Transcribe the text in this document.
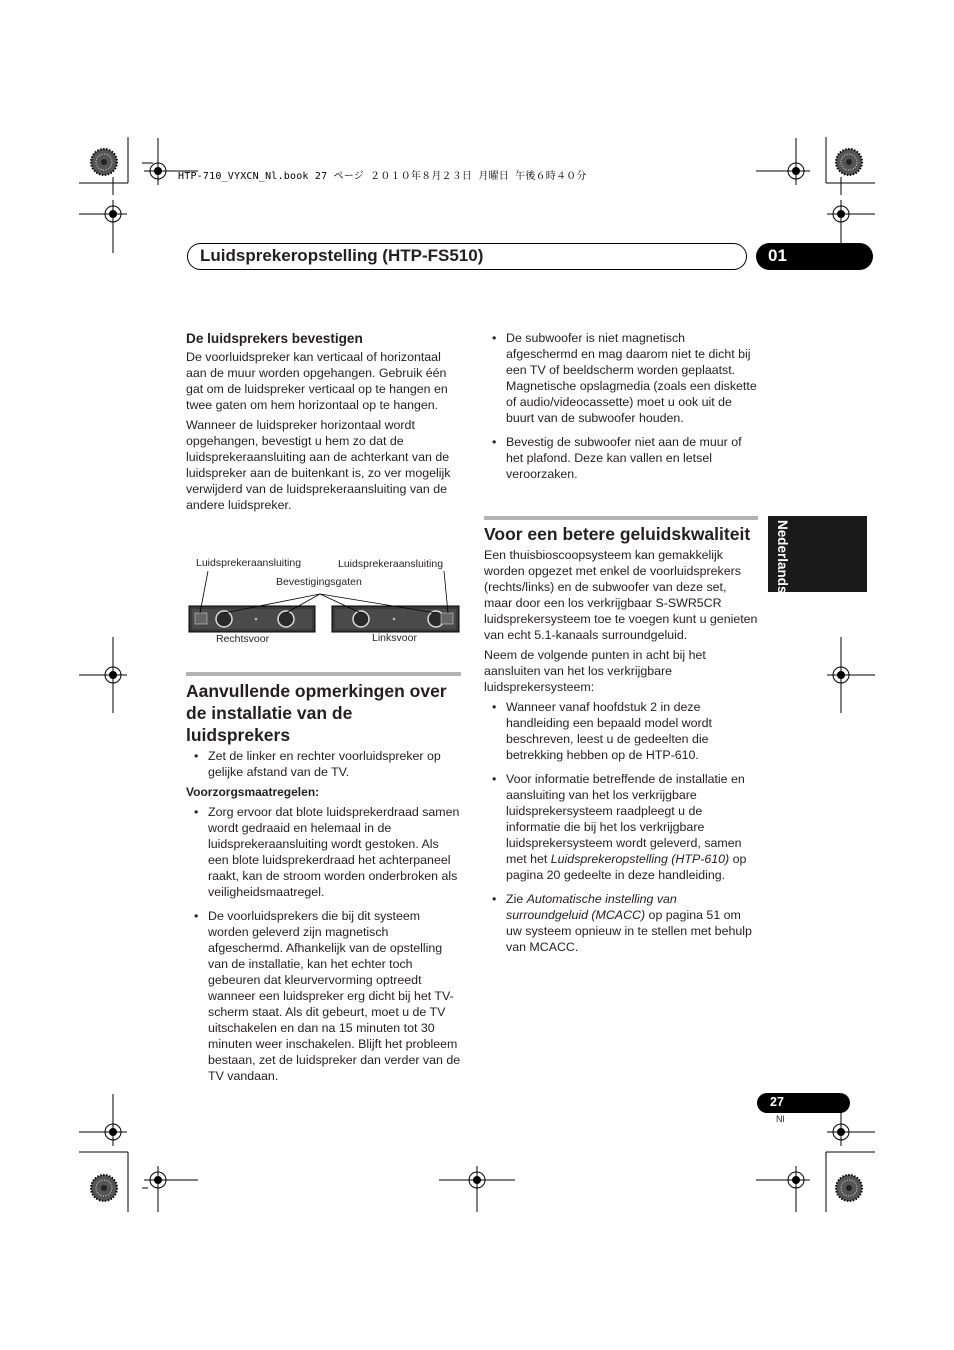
HTP-710_VYXCN_Nl.book 27 ページ ２０１０年８月２３日 月曜日 午後６時４０分
Luidsprekeropstelling (HTP-FS510)	01
Nederlands
De luidsprekers bevestigen

De voorluidspreker kan verticaal of horizontaal aan de muur worden opgehangen. Gebruik één gat om de luidspreker verticaal op te hangen en twee gaten om hem horizontaal op te hangen.

Wanneer de luidspreker horizontaal wordt opgehangen, bevestigt u hem zo dat de luidsprekeraansluiting aan de achterkant van de luidspreker aan de buitenkant is, zo ver mogelijk verwijderd van de luidsprekeraansluiting van de andere luidspreker.

Luidsprekeraansluiting	Luidsprekeraansluiting
Bevestigingsgaten
Rechtsvoor	Linksvoor
Aanvullende opmerkingen over de installatie van de luidsprekers
• Zet de linker en rechter voorluidspreker op gelijke afstand van de TV.
Voorzorgsmaatregelen:
• Zorg ervoor dat blote luidsprekerdraad samen wordt gedraaid en helemaal in de luidsprekeraansluiting wordt gestoken. Als een blote luidsprekerdraad het achterpaneel raakt, kan de stroom worden onderbroken als veiligheidsmaatregel.
• De voorluidsprekers die bij dit systeem worden geleverd zijn magnetisch afgeschermd. Afhankelijk van de opstelling van de installatie, kan het echter toch gebeuren dat kleurvervorming optreedt wanneer een luidspreker erg dicht bij het TV-scherm staat. Als dit gebeurt, moet u de TV uitschakelen en dan na 15 minuten tot 30 minuten weer inschakelen. Blijft het probleem bestaan, zet de luidspreker dan verder van de TV vandaan.
• De subwoofer is niet magnetisch afgeschermd en mag daarom niet te dicht bij een TV of beeldscherm worden geplaatst. Magnetische opslagmedia (zoals een diskette of audio/videocassette) moet u ook uit de buurt van de subwoofer houden.
• Bevestig de subwoofer niet aan de muur of het plafond. Deze kan vallen en letsel veroorzaken.
Voor een betere geluidskwaliteit

Een thuisbioscoopsysteem kan gemakkelijk worden opgezet met enkel de voorluidsprekers (rechts/links) en de subwoofer van deze set, maar door een los verkrijgbaar S-SWR5CR luidsprekersysteem toe te voegen kunt u genieten van echt 5.1-kanaals surroundgeluid.

Neem de volgende punten in acht bij het aansluiten van het los verkrijgbare luidsprekersysteem:

• Wanneer vanaf hoofdstuk 2 in deze handleiding een bepaald model wordt beschreven, leest u de gedeelten die betrekking hebben op de HTP-610.
• Voor informatie betreffende de installatie en aansluiting van het los verkrijgbare luidsprekersysteem raadpleegt u de informatie die bij het los verkrijgbare luidsprekersysteem wordt geleverd, samen met het Luidsprekeropstelling (HTP-610) op pagina 20 gedeelte in deze handleiding.
• Zie Automatische instelling van surroundgeluid (MCACC) op pagina 51 om uw systeem opnieuw in te stellen met behulp van MCACC.
27
Nl
